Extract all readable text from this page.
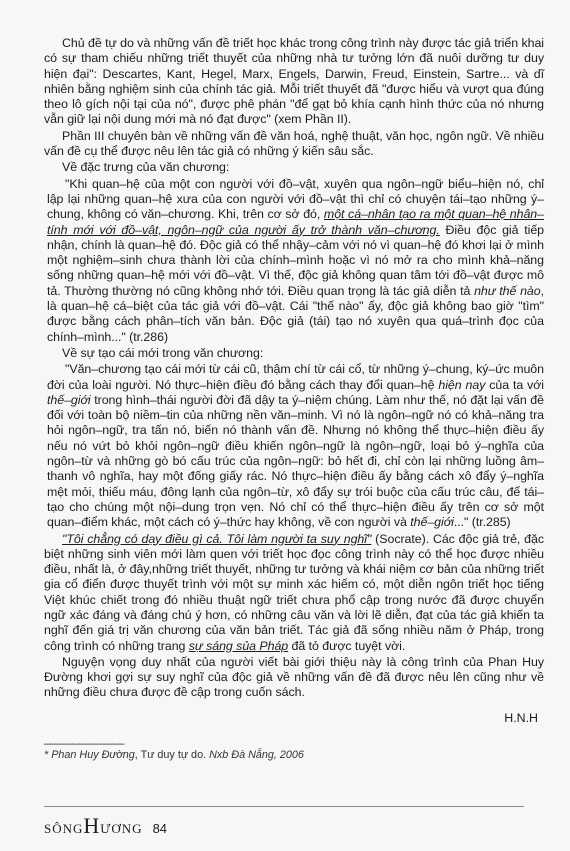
Chủ đề tự do và những vấn đề triết học khác trong công trình này được tác giả triển khai có sự tham chiếu những triết thuyết của những nhà tư tưởng lớn đã nuôi dưỡng tư duy hiện đại": Descartes, Kant, Hegel, Marx, Engels, Darwin, Freud, Einstein, Sartre... và dĩ nhiên bằng nghiệm sinh của chính tác giả. Mỗi triết thuyết đã "được hiểu và vượt qua đúng theo lô gích nội tại của nó", được phê phán "để gạt bỏ khía cạnh hình thức của nó nhưng vẫn giữ lại nội dung mới mà nó đạt được" (xem Phần II).

Phần III chuyên bàn về những vấn đề văn hoá, nghệ thuật, văn học, ngôn ngữ. Về nhiều vấn đề cụ thể được nêu lên tác giả có những ý kiến sâu sắc.

Về đặc trưng của văn chương:

"Khi quan–hệ của một con người với đồ–vật, xuyên qua ngôn–ngữ biểu–hiện nó, chỉ lập lại những quan–hệ xưa của con người với đồ–vật thì chỉ có chuyện tái–tạo những ý–chung, không có văn–chương. Khi, trên cơ sở đó, một cá–nhân tạo ra một quan–hệ nhân–tính mới với đồ–vật, ngôn–ngữ của người ấy trở thành văn–chương. Điều độc giả tiếp nhận, chính là quan–hệ đó. Độc giả có thể nhậy–cảm với nó vì quan–hệ đó khơi lại ở mình một nghiệm–sinh chưa thành lời của chính–mình hoặc vì nó mở ra cho mình khả–năng sống những quan–hệ mới với đồ–vật. Vì thế, độc giả không quan tâm tới đồ–vật được mô tả. Thường thường nó cũng không nhớ tới. Điều quan trọng là tác giả diễn tả như thế nào, là quan–hệ cá–biệt của tác giả với đồ–vật. Cái "thế nào" ấy, độc giả không bao giờ "tìm" được bằng cách phân–tích văn bản. Độc giả (tái) tạo nó xuyên qua quá–trình đọc của chính–mình..." (tr.286)

Về sự tạo cái mới trong văn chương:

"Văn–chương tạo cái mới từ cái cũ, thậm chí từ cái cổ, từ những ý–chung, ký–ức muôn đời của loài người. Nó thực–hiện điều đó bằng cách thay đổi quan–hệ hiện nay của ta với thế–giới trong hình–thái người đời đã dậy ta ý–niệm chúng. Làm như thế, nó đặt lại vấn đề đối với toàn bộ niềm–tin của những nền văn–minh. Vì nó là ngôn–ngữ nó có khả–năng tra hỏi ngôn–ngữ, tra tấn nó, biến nó thành vấn đề. Nhưng nó không thể thực–hiện điều ấy nếu nó vứt bỏ khỏi ngôn–ngữ điều khiến ngôn–ngữ là ngôn–ngữ, loại bỏ ý–nghĩa của ngôn–từ và những gò bó cấu trúc của ngôn–ngữ: bỏ hết đi, chỉ còn lại những luồng âm–thanh vô nghĩa, hay một đống giấy rác. Nó thực–hiện điều ấy bằng cách xô đẩy ý–nghĩa mệt mỏi, thiếu máu, đông lạnh của ngôn–từ, xô đẩy sự trói buộc của cấu trúc câu, để tái–tạo cho chúng một nội–dung trọn vẹn. Nó chỉ có thể thực–hiện điều ấy trên cơ sở một quan–điểm khác, một cách có ý–thức hay không, về con người và thế–giới..." (tr.285)

"Tôi chẳng có dạy điều gì cả. Tôi làm người ta suy nghĩ" (Socrate). Các độc giả trẻ, đặc biệt những sinh viên mới làm quen với triết học đọc công trình này có thể học được nhiều điều, nhất là, ở đây,những triết thuyết, những tư tưởng và khái niệm cơ bản của những triết gia cổ điển được thuyết trình với một sự minh xác hiếm có, một diễn ngôn triết học tiếng Việt khúc chiết trong đó nhiều thuật ngữ triết chưa phổ cập trong nước đã được chuyển ngữ xác đáng và đáng chú ý hơn, có những câu văn và lời lẽ diễn, đạt của tác giả khiến ta nghĩ đến giá trị văn chương của văn bản triết. Tác giả đã sống nhiều năm ở Pháp, trong công trình có những trang sự sáng sủa Pháp đã tỏ được tuyệt vời.

Nguyện vọng duy nhất của người viết bài giới thiệu này là công trình của Phan Huy Đường khơi gợi sự suy nghĩ của độc giả về những vấn đề đã được nêu lên cũng như về những điều chưa được đề cập trong cuốn sách.

H.N.H
______________
* Phan Huy Đường, Tư duy tự do. Nxb Đà Nẵng, 2006
SÔNGHƯƠNG 84
